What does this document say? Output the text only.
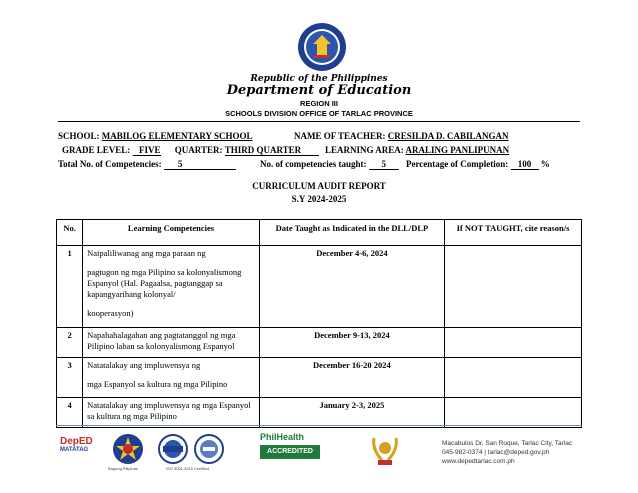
Republic of the Philippines
Department of Education
REGION III
SCHOOLS DIVISION OFFICE OF TARLAC PROVINCE
SCHOOL: MABILOG ELEMENTARY SCHOOL	NAME OF TEACHER: CRESILDA D. CABILANGAN
GRADE LEVEL: FIVE QUARTER: THIRD QUARTER	LEARNING AREA: ARALING PANLIPUNAN
Total No. of Competencies: 5	No. of competencies taught: 5 Percentage of Completion: 100 %
CURRICULUM AUDIT REPORT
S.Y 2024-2025
No.	Learning Competencies	Date Taught as Indicated in the DLL/DLP	If NOT TAUGHT, cite reason/s
1	Naipaliliwanag ang mga paraan ng

pagtugon ng mga Pilipino sa kolonyalismong Espanyol (Hal. Pagaalsa, pagtanggap sa kapangyarihang kolonyal/

kooperasyon)	December 4-6, 2024	
2	Napahahalagahan ang pagtatanggol ng mga Pilipino laban sa kolonyalismong Espanyol	December 9-13, 2024	
3	Natatalakay ang impluwensya ng

mga Espanyol sa kultura ng mga Pilipino	December 16-20 2024	
4	Natatalakay ang impluwensya ng mga Espanyol sa kultura ng mga Pilipino	January 2-3, 2025	
DepED
MATATAG
Bagong Pilipinas	ISO 9001:2015 Certified
PhilHealth
ACCREDITED
Macabulos Dr. San Roque, Tarlac City, Tarlac
045-982-0374 | tarlac@deped.gov.ph
www.depedtarlac.com.ph
